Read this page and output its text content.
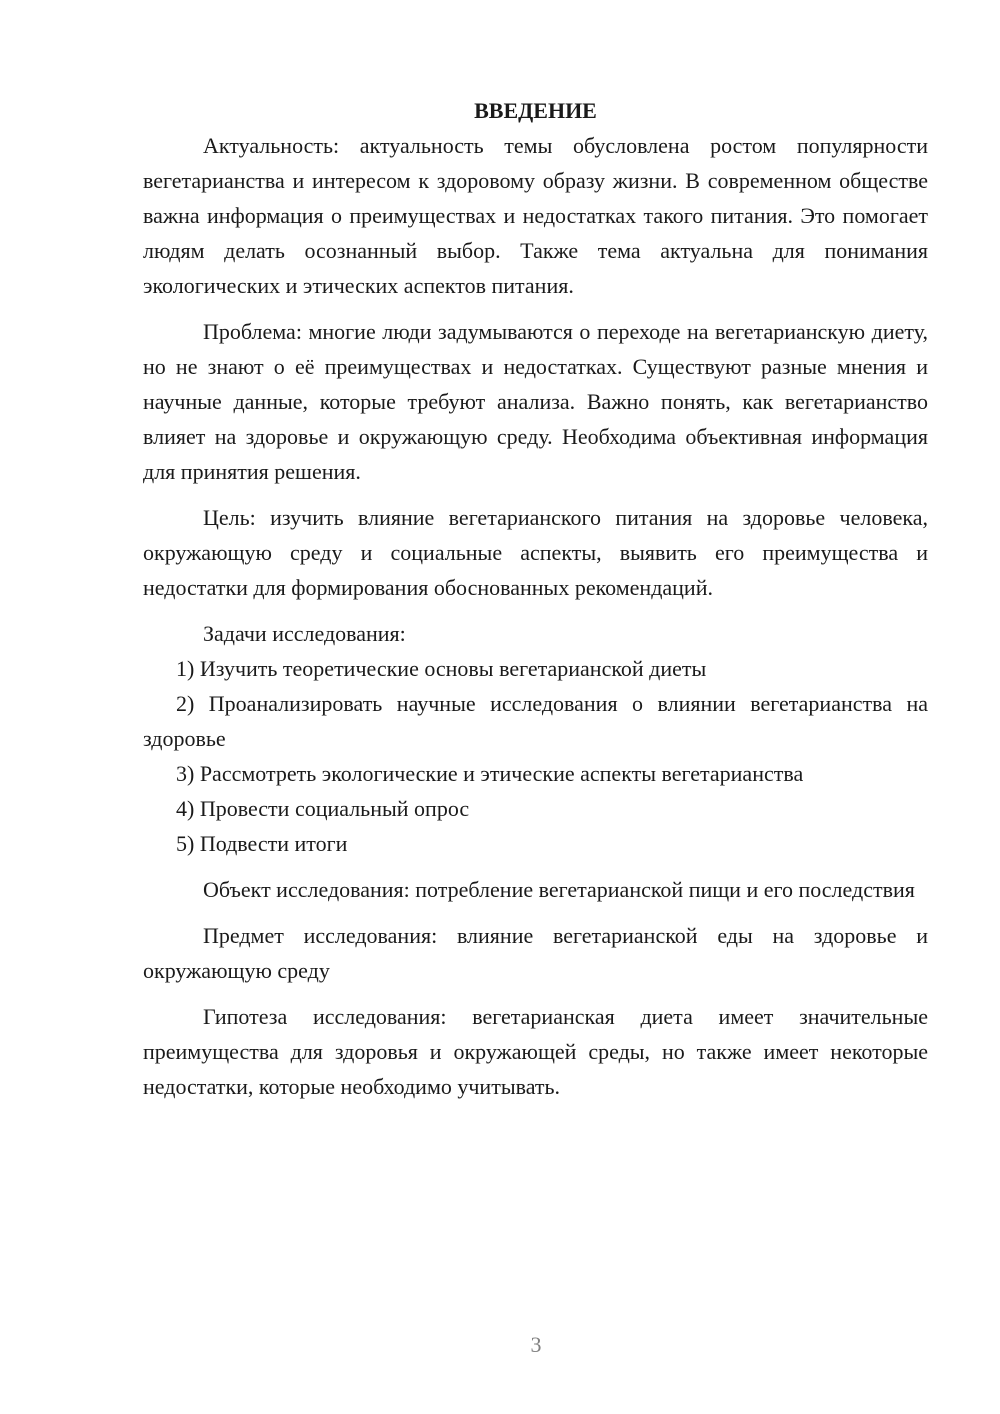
ВВЕДЕНИЕ

Актуальность: актуальность темы обусловлена ростом популярности вегетарианства и интересом к здоровому образу жизни. В современном обществе важна информация о преимуществах и недостатках такого питания. Это помогает людям делать осознанный выбор. Также тема актуальна для понимания экологических и этических аспектов питания.

Проблема: многие люди задумываются о переходе на вегетарианскую диету, но не знают о её преимуществах и недостатках. Существуют разные мнения и научные данные, которые требуют анализа. Важно понять, как вегетарианство влияет на здоровье и окружающую среду. Необходима объективная информация для принятия решения.

Цель: изучить влияние вегетарианского питания на здоровье человека, окружающую среду и социальные аспекты, выявить его преимущества и недостатки для формирования обоснованных рекомендаций.

Задачи исследования:

1) Изучить теоретические основы вегетарианской диеты

2) Проанализировать научные исследования о влиянии вегетарианства на здоровье

3) Рассмотреть экологические и этические аспекты вегетарианства

4) Провести социальный опрос

5) Подвести итоги

Объект исследования: потребление вегетарианской пищи и его последствия

Предмет исследования: влияние вегетарианской еды на здоровье и окружающую среду

Гипотеза исследования: вегетарианская диета имеет значительные преимущества для здоровья и окружающей среды, но также имеет некоторые недостатки, которые необходимо учитывать.

3
